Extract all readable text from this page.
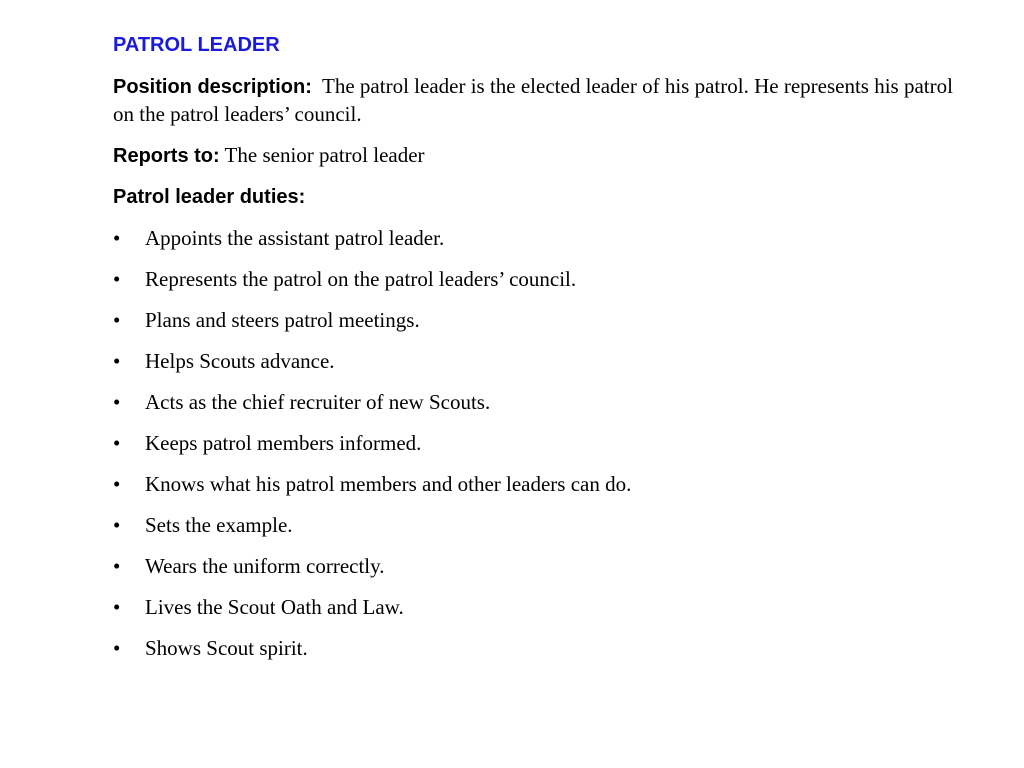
PATROL LEADER
Position description: The patrol leader is the elected leader of his patrol. He represents his patrol on the patrol leaders’ council.
Reports to: The senior patrol leader
Patrol leader duties:
•	Appoints the assistant patrol leader.
•	Represents the patrol on the patrol leaders’ council.
•	Plans and steers patrol meetings.
•	Helps Scouts advance.
•	Acts as the chief recruiter of new Scouts.
•	Keeps patrol members informed.
•	Knows what his patrol members and other leaders can do.
•	Sets the example.
•	Wears the uniform correctly.
•	Lives the Scout Oath and Law.
•	Shows Scout spirit.
